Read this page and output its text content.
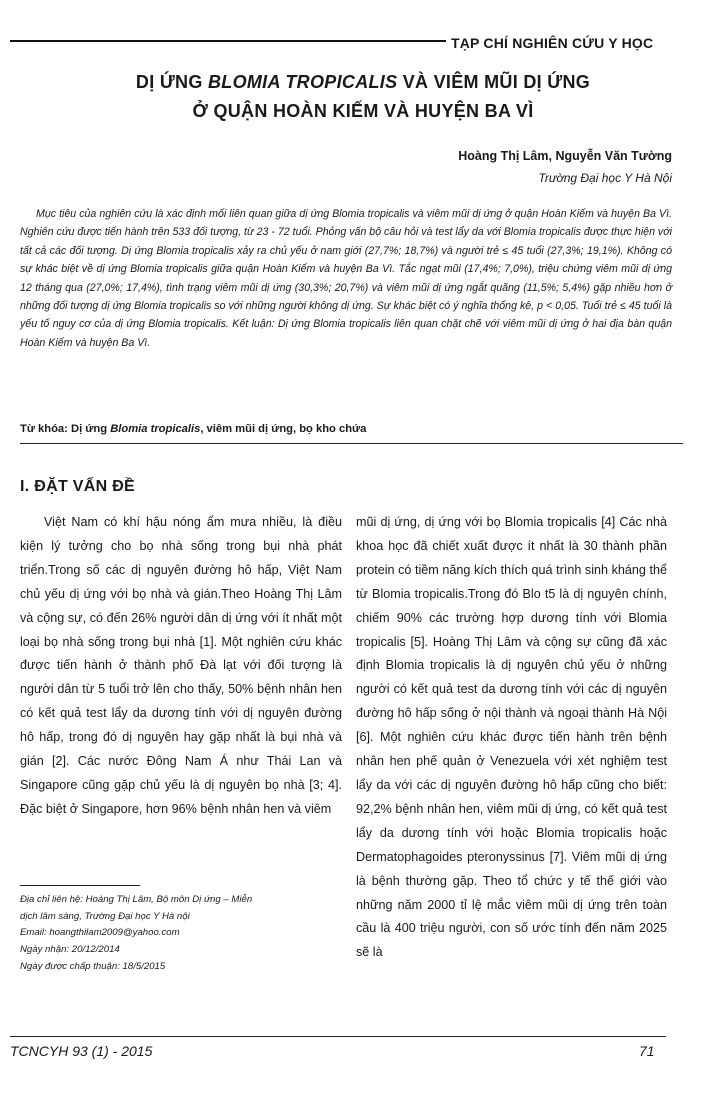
TẠP CHÍ NGHIÊN CỨU Y HỌC
DỊ ỨNG BLOMIA TROPICALIS VÀ VIÊM MŨI DỊ ỨNG
Ở QUẬN HOÀN KIẾM VÀ HUYỆN BA VÌ
Hoàng Thị Lâm, Nguyễn Văn Tường
Trường Đại học Y Hà Nội
Mục tiêu của nghiên cứu là xác định mối liên quan giữa dị ứng Blomia tropicalis và viêm mũi dị ứng ở quận Hoàn Kiếm và huyện Ba Vì. Nghiên cứu được tiến hành trên 533 đối tượng, từ 23 - 72 tuổi. Phỏng vấn bộ câu hỏi và test lẩy da với Blomia tropicalis được thực hiện với tất cả các đối tượng. Dị ứng Blomia tropicalis xảy ra chủ yếu ở nam giới (27,7%; 18,7%) và người trẻ ≤ 45 tuổi (27,3%; 19,1%). Không có sự khác biệt về dị ứng Blomia tropicalis giữa quận Hoàn Kiếm và huyện Ba Vì. Tắc ngạt mũi (17,4%; 7,0%), triệu chứng viêm mũi dị ứng 12 tháng qua (27,0%; 17,4%), tình trạng viêm mũi dị ứng (30,3%; 20,7%) và viêm mũi dị ứng ngắt quãng (11,5%; 5,4%) gặp nhiều hơn ở những đối tượng dị ứng Blomia tropicalis so với những người không dị ứng. Sự khác biệt có ý nghĩa thống kê, p < 0,05. Tuổi trẻ ≤ 45 tuổi là yếu tố nguy cơ của dị ứng Blomia tropicalis. Kết luận: Dị ứng Blomia tropicalis liên quan chặt chẽ với viêm mũi dị ứng ở hai địa bàn quận Hoàn Kiếm và huyện Ba Vì.
Từ khóa: Dị ứng Blomia tropicalis, viêm mũi dị ứng, bọ kho chứa
I. ĐẶT VẤN ĐỀ

Việt Nam có khí hậu nóng ẩm mưa nhiều, là điều kiện lý tưởng cho bọ nhà sống trong bụi nhà phát triển.Trong số các dị nguyên đường hô hấp, Việt Nam chủ yếu dị ứng với bọ nhà và gián.Theo Hoàng Thị Lâm và cộng sự, có đến 26% người dân dị ứng với ít nhất một loại bọ nhà sống trong bụi nhà [1]. Một nghiên cứu khác được tiến hành ở thành phố Đà lạt với đối tượng là người dân từ 5 tuổi trở lên cho thấy, 50% bệnh nhân hen có kết quả test lẩy da dương tính với dị nguyên đường hô hấp, trong đó dị nguyên hay gặp nhất là bụi nhà và gián [2]. Các nước Đông Nam Á như Thái Lan và Singapore cũng gặp chủ yếu là dị nguyên bọ nhà [3; 4]. Đặc biệt ở Singapore, hơn 96% bệnh nhân hen và viêm

mũi dị ứng, dị ứng với bọ Blomia tropicalis [4] Các nhà khoa học đã chiết xuất được ít nhất là 30 thành phần protein có tiềm năng kích thích quá trình sinh kháng thể từ Blomia tropicalis.Trong đó Blo t5 là dị nguyên chính, chiếm 90% các trường hợp dương tính với Blomia tropicalis [5]. Hoàng Thị Lâm và cộng sự cũng đã xác định Blomia tropicalis là dị nguyên chủ yếu ở những người có kết quả test da dương tính với các dị nguyên đường hô hấp sống ở nội thành và ngoại thành Hà Nội [6]. Một nghiên cứu khác được tiến hành trên bệnh nhân hen phế quản ở Venezuela với xét nghiệm test lẩy da với các dị nguyên đường hô hấp cũng cho biết: 92,2% bệnh nhân hen, viêm mũi dị ứng, có kết quả test lẩy da dương tính với hoặc Blomia tropicalis hoặc Dermatophagoides pteronyssinus [7]. Viêm mũi dị ứng là bệnh thường gặp. Theo tổ chức y tế thế giới vào những năm 2000 tỉ lệ mắc viêm mũi dị ứng trên toàn cầu là 400 triệu người, con số ước tính đến năm 2025 sẽ là

Địa chỉ liên hệ: Hoàng Thị Lâm, Bộ môn Dị ứng – Miễn
dịch lâm sàng, Trường Đại học Y Hà nội
Email: hoangthilam2009@yahoo.com
Ngày nhận: 20/12/2014
Ngày được chấp thuận: 18/5/2015
TCNCYH 93 (1) - 2015	71
